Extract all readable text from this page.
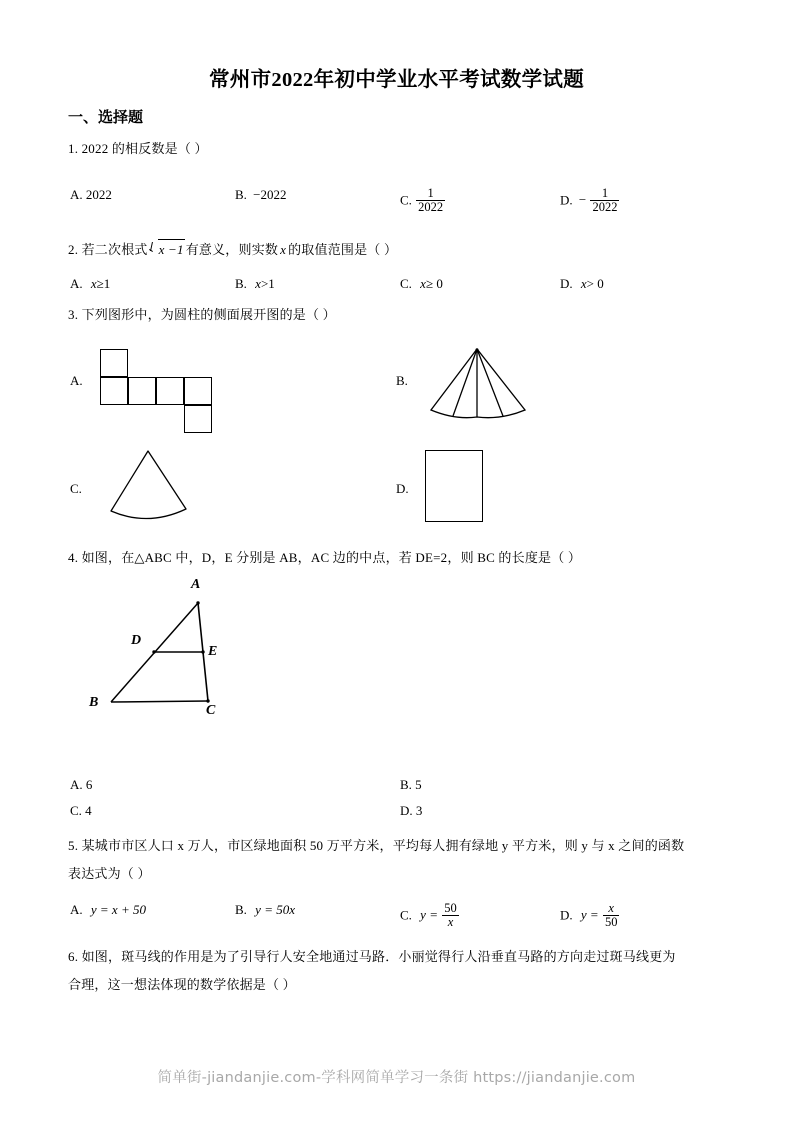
常州市2022年初中学业水平考试数学试题
一、选择题
1. 2022 的相反数是（ ）
A. 2022	B. −2022	C. $\frac{1}{2022}$	D. − $\frac{1}{2022}$
2. 若二次根式 x −1 有意义，则实数 x 的取值范围是（ ）
A. x≥1	B. x>1	C. x≥ 0	D. x> 0
3. 下列图形中，为圆柱的侧面展开图的是（ ）
A.	B.
C.	D.
4. 如图，在△ABC 中，D，E 分别是 AB，AC 边的中点，若 DE=2，则 BC 的长度是（ ）
A
D
E
B
C
A. 6	B. 5
C. 4	D. 3
5. 某城市市区人口 x 万人，市区绿地面积 50 万平方米，平均每人拥有绿地 y 平方米，则 y 与 x 之间的函数
表达式为（ ）
A. y = x + 50	B. y = 50x	C. $y = \frac{50}{x}$	D. $y = \frac{x}{50}$
6. 如图，斑马线的作用是为了引导行人安全地通过马路．小丽觉得行人沿垂直马路的方向走过斑马线更为
合理，这一想法体现的数学依据是（ ）
简单街-jiandanjie.com-学科网简单学习一条街 https://jiandanjie.com
